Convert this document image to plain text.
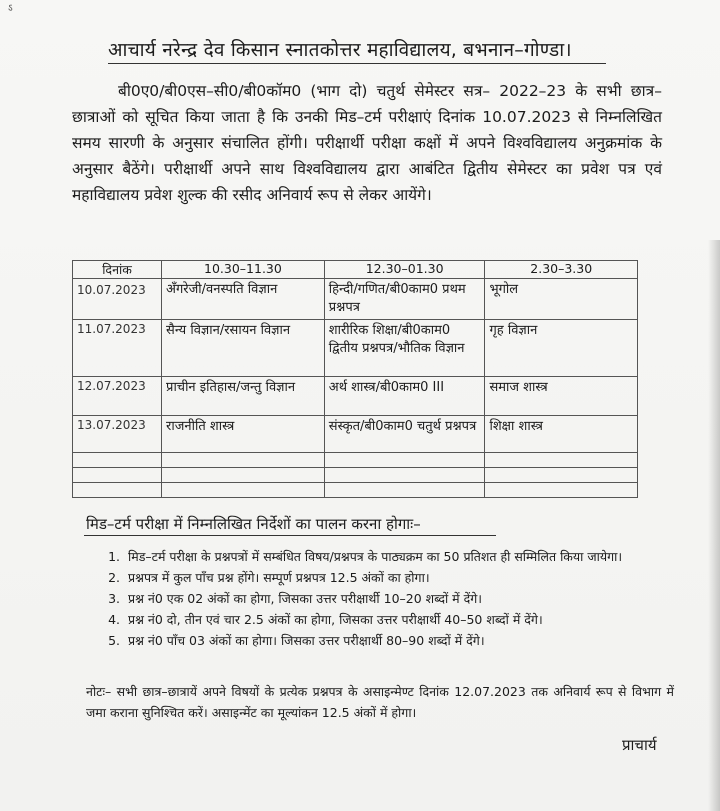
ऽ
आचार्य नरेन्द्र देव किसान स्नातकोत्तर महाविद्यालय, बभनान–गोण्डा।
बी0ए0/बी0एस–सी0/बी0कॉम0 (भाग दो) चतुर्थ सेमेस्टर सत्र– 2022–23 के सभी छात्र– छात्राओं को सूचित किया जाता है कि उनकी मिड–टर्म परीक्षाएं दिनांक 10.07.2023 से निम्नलिखित समय सारणी के अनुसार संचालित होंगी। परीक्षार्थी परीक्षा कक्षों में अपने विश्वविद्यालय अनुक्रमांक के अनुसार बैठेंगे। परीक्षार्थी अपने साथ विश्वविद्यालय द्वारा आबंटित द्वितीय सेमेस्टर का प्रवेश पत्र एवं महाविद्यालय प्रवेश शुल्क की रसीद अनिवार्य रूप से लेकर आयेंगे।
दिनांक	10.30–11.30	12.30–01.30	2.30–3.30
10.07.2023	अँगरेजी/वनस्पति विज्ञान	हिन्दी/गणित/बी0काम0 प्रथम प्रश्नपत्र	भूगोल

11.07.2023	सैन्य विज्ञान/रसायन विज्ञान	शारीरिक शिक्षा/बी0काम0 द्वितीय प्रश्नपत्र/भौतिक विज्ञान	गृह विज्ञान

12.07.2023	प्राचीन इतिहास/जन्तु विज्ञान	अर्थ शास्त्र/बी0काम0 III	समाज शास्त्र

13.07.2023	राजनीति शास्त्र	संस्कृत/बी0काम0 चतुर्थ प्रश्नपत्र	शिक्षा शास्त्र

मिड–टर्म परीक्षा में निम्नलिखित निर्देशों का पालन करना होगाः–
1. मिड–टर्म परीक्षा के प्रश्नपत्रों में सम्बंधित विषय/प्रश्नपत्र के पाठ्यक्रम का 50 प्रतिशत ही सम्मिलित किया जायेगा।
2. प्रश्नपत्र में कुल पाँच प्रश्न होंगे। सम्पूर्ण प्रश्नपत्र 12.5 अंकों का होगा।
3. प्रश्न नं0 एक 02 अंकों का होगा, जिसका उत्तर परीक्षार्थी 10–20 शब्दों में देंगे।
4. प्रश्न नं0 दो, तीन एवं चार 2.5 अंकों का होगा, जिसका उत्तर परीक्षार्थी 40–50 शब्दों में देंगे।
5. प्रश्न नं0 पाँच 03 अंकों का होगा। जिसका उत्तर परीक्षार्थी 80–90 शब्दों में देंगे।
नोटः– सभी छात्र–छात्रायें अपने विषयों के प्रत्येक प्रश्नपत्र के असाइन्मेण्ट दिनांक 12.07.2023 तक अनिवार्य रूप से विभाग में जमा कराना सुनिश्चित करें। असाइन्मेंट का मूल्यांकन 12.5 अंकों में होगा।
प्राचार्य
